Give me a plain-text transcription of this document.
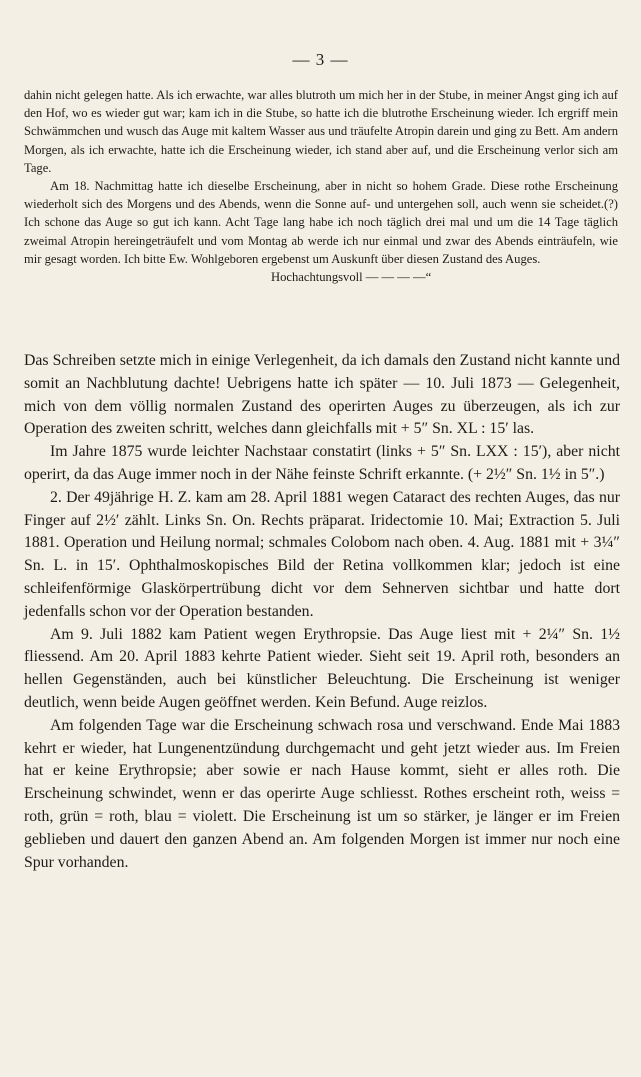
— 3 —

dahin nicht gelegen hatte. Als ich erwachte, war alles blutroth um mich her in der Stube, in meiner Angst ging ich auf den Hof, wo es wieder gut war; kam ich in die Stube, so hatte ich die blutrothe Erscheinung wieder. Ich ergriff mein Schwämmchen und wusch das Auge mit kaltem Wasser aus und träufelte Atropin darein und ging zu Bett. Am andern Morgen, als ich erwachte, hatte ich die Erscheinung wieder, ich stand aber auf, und die Erscheinung verlor sich am Tage.

Am 18. Nachmittag hatte ich dieselbe Erscheinung, aber in nicht so hohem Grade. Diese rothe Erscheinung wiederholt sich des Morgens und des Abends, wenn die Sonne auf- und untergehen soll, auch wenn sie scheidet.(?) Ich schone das Auge so gut ich kann. Acht Tage lang habe ich noch täglich drei mal und um die 14 Tage täglich zweimal Atropin hereingeträufelt und vom Montag ab werde ich nur einmal und zwar des Abends einträufeln, wie mir gesagt worden. Ich bitte Ew. Wohlgeboren ergebenst um Auskunft über diesen Zustand des Auges.

Hochachtungsvoll — — — —“

Das Schreiben setzte mich in einige Verlegenheit, da ich damals den Zustand nicht kannte und somit an Nachblutung dachte! Uebrigens hatte ich später — 10. Juli 1873 — Gelegenheit, mich von dem völlig normalen Zustand des operirten Auges zu überzeugen, als ich zur Operation des zweiten schritt, welches dann gleichfalls mit + 5″ Sn. XL : 15′ las.

Im Jahre 1875 wurde leichter Nachstaar constatirt (links + 5″ Sn. LXX : 15′), aber nicht operirt, da das Auge immer noch in der Nähe feinste Schrift erkannte. (+ 2½″ Sn. 1½ in 5″.)

2. Der 49jährige H. Z. kam am 28. April 1881 wegen Cataract des rechten Auges, das nur Finger auf 2½′ zählt. Links Sn. On. Rechts präparat. Iridectomie 10. Mai; Extraction 5. Juli 1881. Operation und Heilung normal; schmales Colobom nach oben. 4. Aug. 1881 mit + 3¼″ Sn. L. in 15′. Ophthalmoskopisches Bild der Retina vollkommen klar; jedoch ist eine schleifenförmige Glaskörpertrübung dicht vor dem Sehnerven sichtbar und hatte dort jedenfalls schon vor der Operation bestanden.

Am 9. Juli 1882 kam Patient wegen Erythropsie. Das Auge liest mit + 2¼″ Sn. 1½ fliessend. Am 20. April 1883 kehrte Patient wieder. Sieht seit 19. April roth, besonders an hellen Gegenständen, auch bei künstlicher Beleuchtung. Die Erscheinung ist weniger deutlich, wenn beide Augen geöffnet werden. Kein Befund. Auge reizlos.

Am folgenden Tage war die Erscheinung schwach rosa und verschwand. Ende Mai 1883 kehrt er wieder, hat Lungenentzündung durchgemacht und geht jetzt wieder aus. Im Freien hat er keine Erythropsie; aber sowie er nach Hause kommt, sieht er alles roth. Die Erscheinung schwindet, wenn er das operirte Auge schliesst. Rothes erscheint roth, weiss = roth, grün = roth, blau = violett. Die Erscheinung ist um so stärker, je länger er im Freien geblieben und dauert den ganzen Abend an. Am folgenden Morgen ist immer nur noch eine Spur vorhanden.
